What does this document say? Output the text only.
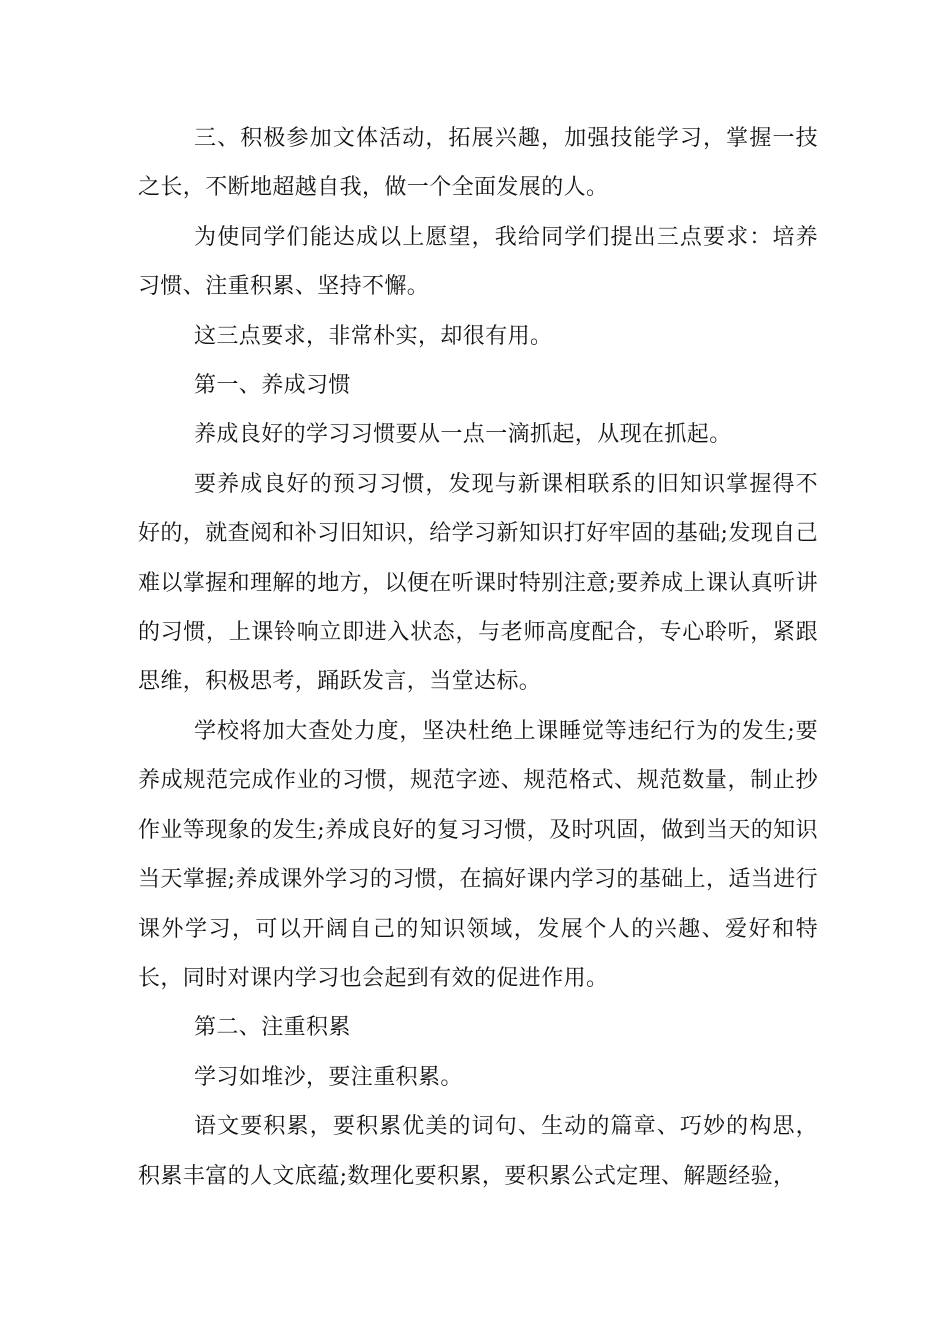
三、积极参加文体活动，拓展兴趣，加强技能学习，掌握一技之长，不断地超越自我，做一个全面发展的人。

为使同学们能达成以上愿望，我给同学们提出三点要求：培养习惯、注重积累、坚持不懈。

这三点要求，非常朴实，却很有用。

第一、养成习惯

养成良好的学习习惯要从一点一滴抓起，从现在抓起。

要养成良好的预习习惯，发现与新课相联系的旧知识掌握得不好的，就查阅和补习旧知识，给学习新知识打好牢固的基础;发现自己难以掌握和理解的地方，以便在听课时特别注意;要养成上课认真听讲的习惯，上课铃响立即进入状态，与老师高度配合，专心聆听，紧跟思维，积极思考，踊跃发言，当堂达标。

学校将加大查处力度，坚决杜绝上课睡觉等违纪行为的发生;要养成规范完成作业的习惯，规范字迹、规范格式、规范数量，制止抄作业等现象的发生;养成良好的复习习惯，及时巩固，做到当天的知识当天掌握;养成课外学习的习惯，在搞好课内学习的基础上，适当进行课外学习，可以开阔自己的知识领域，发展个人的兴趣、爱好和特长，同时对课内学习也会起到有效的促进作用。

第二、注重积累

学习如堆沙，要注重积累。

语文要积累，要积累优美的词句、生动的篇章、巧妙的构思，积累丰富的人文底蕴;数理化要积累，要积累公式定理、解题经验，
